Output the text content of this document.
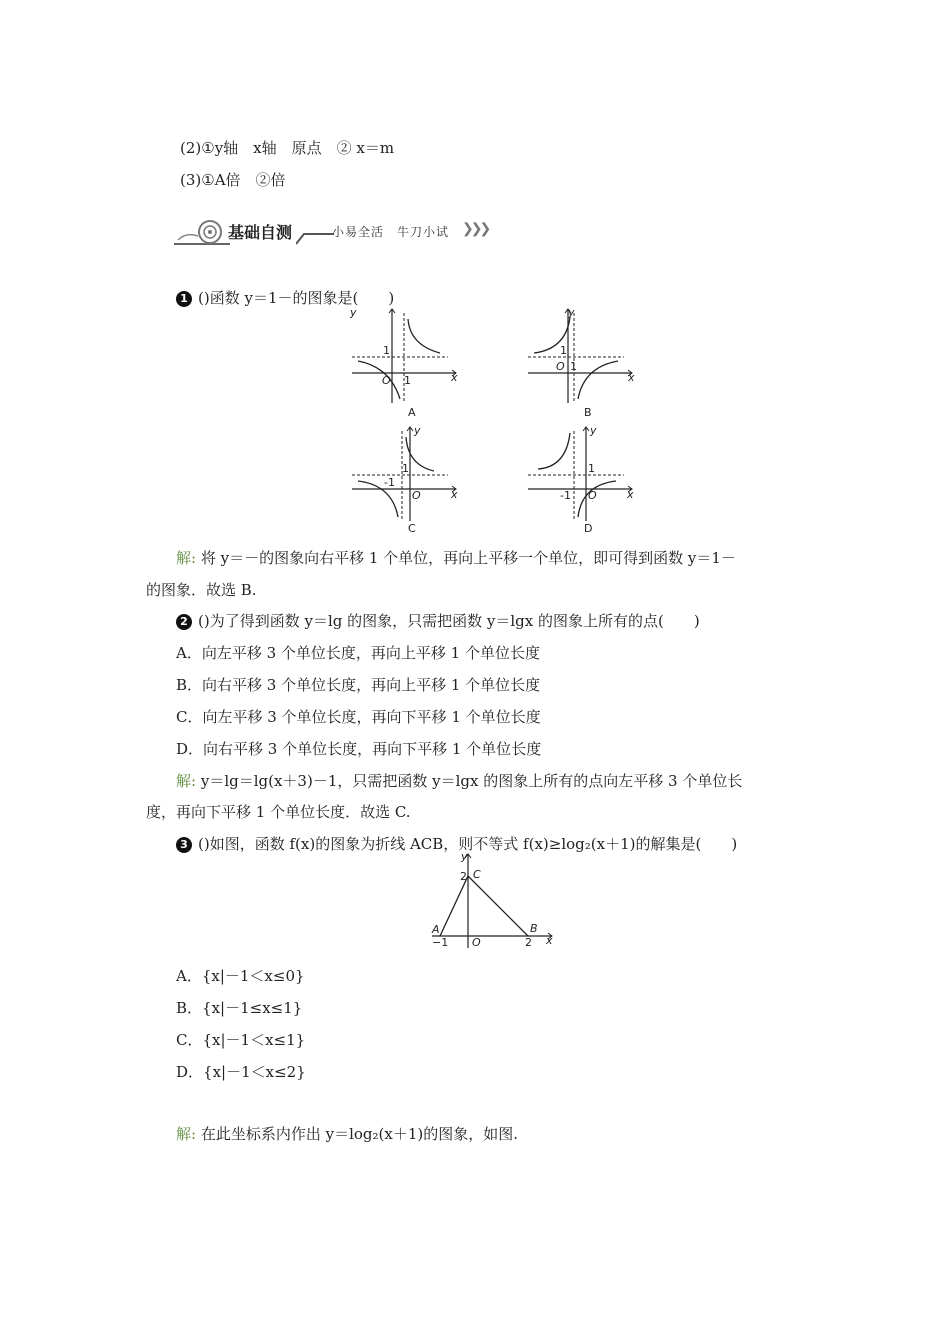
(2)①y轴　x轴　原点　② x＝m
(3)①A倍　②倍
基础自测	小易全活　牛刀小试 ❯❯❯
1 ()函数 y＝1－的图象是(　　)
y
1
O 1	x
A
y
1
O 1
x
B
y
1
-1
O	x
C
y
1
-1 O	x
D
解: 将 y＝－的图象向右平移 1 个单位，再向上平移一个单位，即可得到函数 y＝1－
的图象．故选 B.
2 ()为了得到函数 y＝lg 的图象，只需把函数 y＝lgx 的图象上所有的点(　　)
A．向左平移 3 个单位长度，再向上平移 1 个单位长度
B．向右平移 3 个单位长度，再向上平移 1 个单位长度
C．向左平移 3 个单位长度，再向下平移 1 个单位长度
D．向右平移 3 个单位长度，再向下平移 1 个单位长度
解: y＝lg＝lg(x＋3)－1，只需把函数 y＝lgx 的图象上所有的点向左平移 3 个单位长
度，再向下平移 1 个单位长度．故选 C.
3 ()如图，函数 f(x)的图象为折线 ACB，则不等式 f(x)≥log₂(x＋1)的解集是(　　)
y
2 C
A
−1 O
B
2 x
A．{x|－1＜x≤0}
B．{x|－1≤x≤1}
C．{x|－1＜x≤1}
D．{x|－1＜x≤2}
解: 在此坐标系内作出 y＝log₂(x＋1)的图象，如图.
